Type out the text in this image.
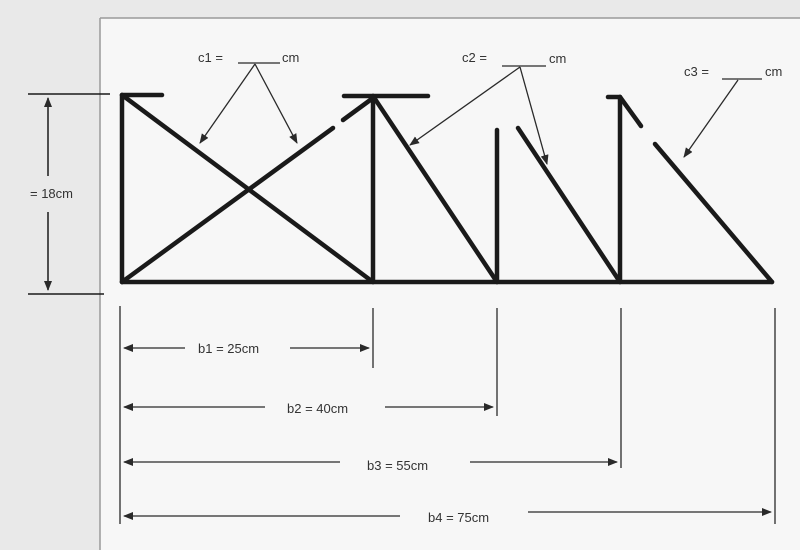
= 18cm
c1 =	cm	c2 =	cm
c3 =	cm
b1 = 25cm
b2 = 40cm
b3 = 55cm
b4 = 75cm
